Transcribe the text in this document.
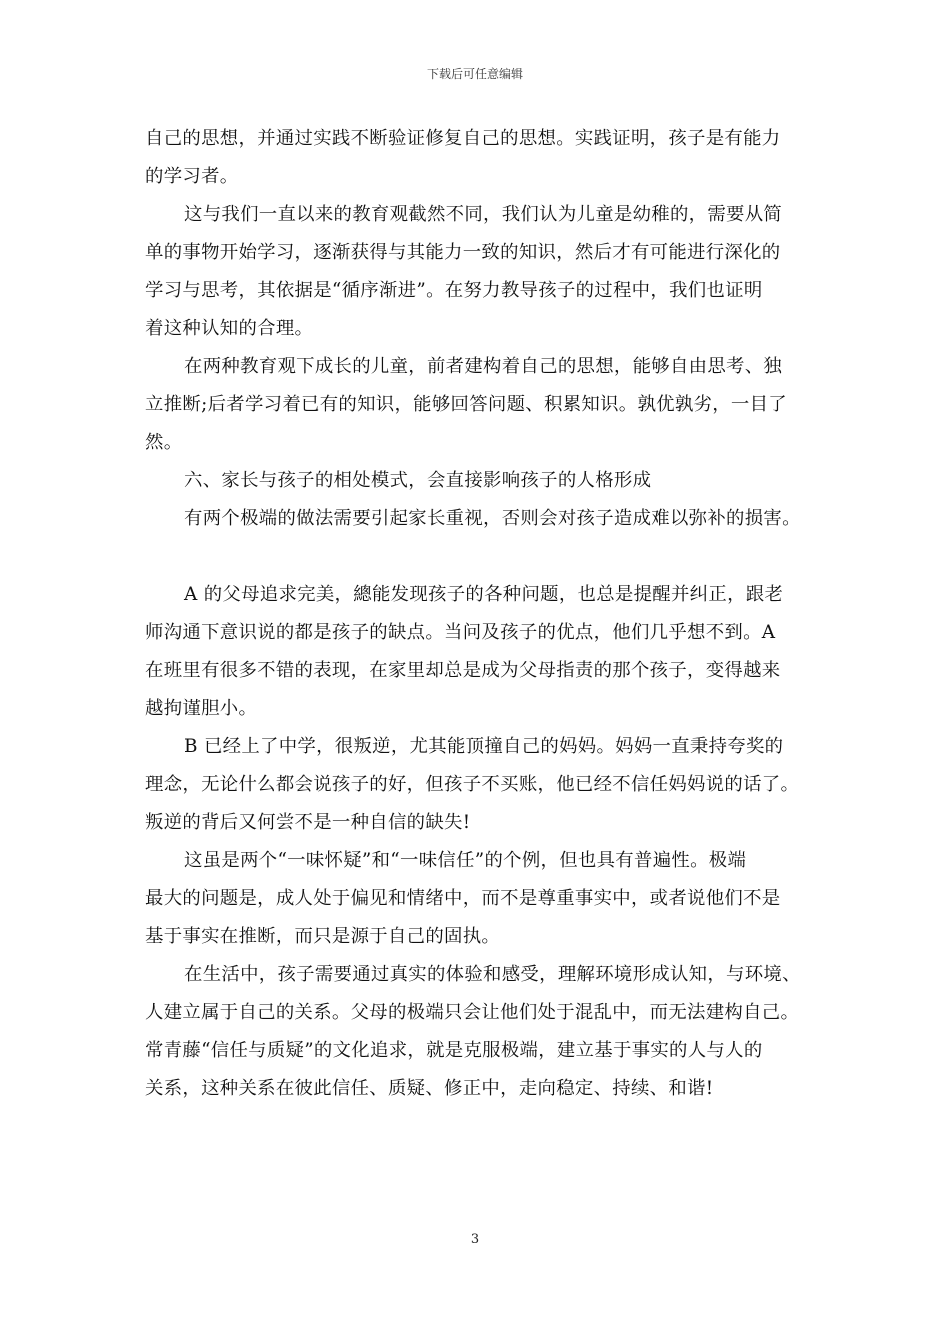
下载后可任意编辑
自己的思想，并通过实践不断验证修复自己的思想。实践证明，孩子是有能力
的学习者。
这与我们一直以来的教育观截然不同，我们认为儿童是幼稚的，需要从简
单的事物开始学习，逐渐获得与其能力一致的知识，然后才有可能进行深化的
学习与思考，其依据是“循序渐进”。在努力教导孩子的过程中，我们也证明
着这种认知的合理。
在两种教育观下成长的儿童，前者建构着自己的思想，能够自由思考、独
立推断;后者学习着已有的知识，能够回答问题、积累知识。孰优孰劣，一目了
然。
六、家长与孩子的相处模式，会直接影响孩子的人格形成
有两个极端的做法需要引起家长重视，否则会对孩子造成难以弥补的损害。
A 的父母追求完美，總能发现孩子的各种问题，也总是提醒并纠正，跟老
师沟通下意识说的都是孩子的缺点。当问及孩子的优点，他们几乎想不到。A
在班里有很多不错的表现，在家里却总是成为父母指责的那个孩子，变得越来
越拘谨胆小。
B 已经上了中学，很叛逆，尤其能顶撞自己的妈妈。妈妈一直秉持夸奖的
理念，无论什么都会说孩子的好，但孩子不买账，他已经不信任妈妈说的话了。
叛逆的背后又何尝不是一种自信的缺失!
这虽是两个“一味怀疑”和“一味信任”的个例，但也具有普遍性。极端
最大的问题是，成人处于偏见和情绪中，而不是尊重事实中，或者说他们不是
基于事实在推断，而只是源于自己的固执。
在生活中，孩子需要通过真实的体验和感受，理解环境形成认知，与环境、
人建立属于自己的关系。父母的极端只会让他们处于混乱中，而无法建构自己。
常青藤“信任与质疑”的文化追求，就是克服极端，建立基于事实的人与人的
关系，这种关系在彼此信任、质疑、修正中，走向稳定、持续、和谐!
3
